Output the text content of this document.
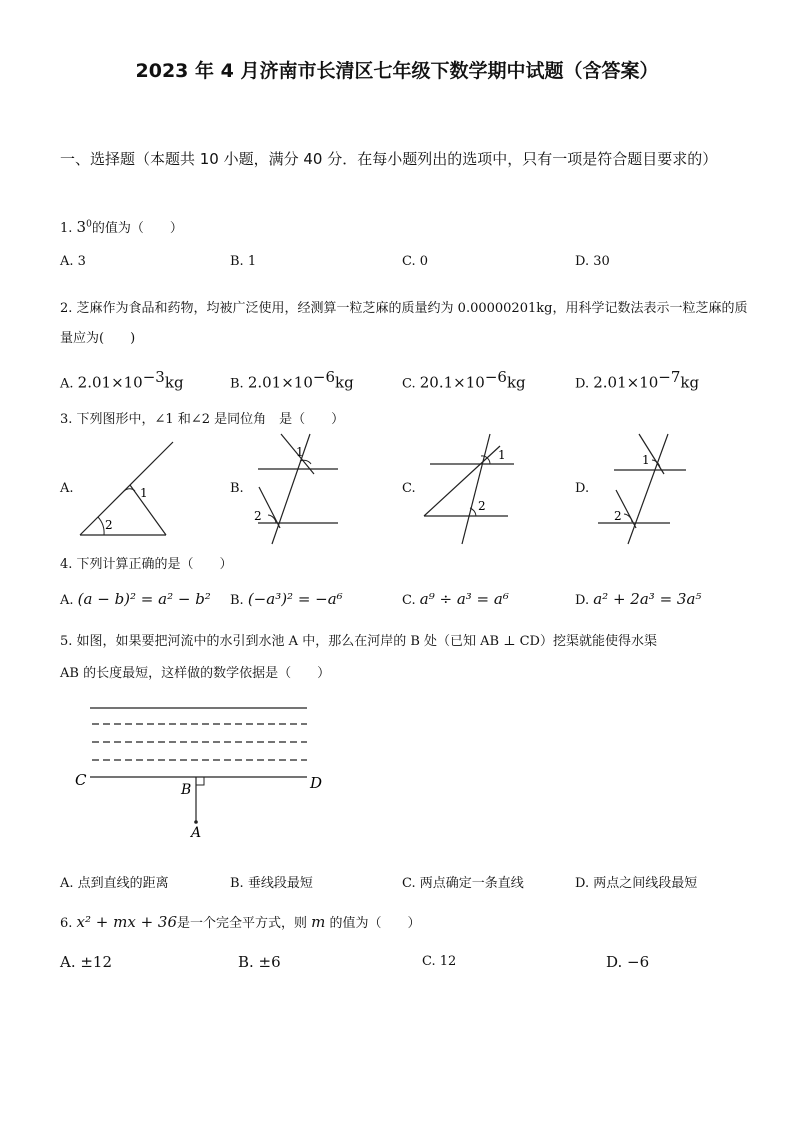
2023 年 4 月济南市长清区七年级下数学期中试题（含答案）
一、选择题（本题共 10 小题，满分 40 分．在每小题列出的选项中，只有一项是符合题目要求的）
1. $3^0$的值为（　　）
A. 3	B. 1	C. 0	D. 30
2. 芝麻作为食品和药物，均被广泛使用，经测算一粒芝麻的质量约为 0.00000201kg，用科学记数法表示一粒芝麻的质量应为(　　)
A. $2.01\times 10^{-3}kg$	B. $2.01\times 10^{-6}kg$	C. $20.1\times 10^{-6}kg$	D. $2.01\times 10^{-7}kg$
3. 下列图形中，∠1 和∠2 是同位角　是（　　）
A.	B.	C.	D.
1
2
1
2
1
2
1
2
4. 下列计算正确的是（　　）
A. (a − b)² = a² − b² B. (−a³)² = −a⁶	C. a⁹ ÷ a³ = a⁶	D. a² + 2a³ = 3a⁵
5. 如图，如果要把河流中的水引到水池 A 中，那么在河岸的 B 处（已知 AB ⊥ CD）挖渠就能使得水渠
AB 的长度最短，这样做的数学依据是（　　）
C	D
B
A
A. 点到直线的距离	B. 垂线段最短	C. 两点确定一条直线	D. 两点之间线段最短
6. x² + mx + 36是一个完全平方式，则 m 的值为（　　）
A. ±12	B. ±6	C. 12	D. −6
